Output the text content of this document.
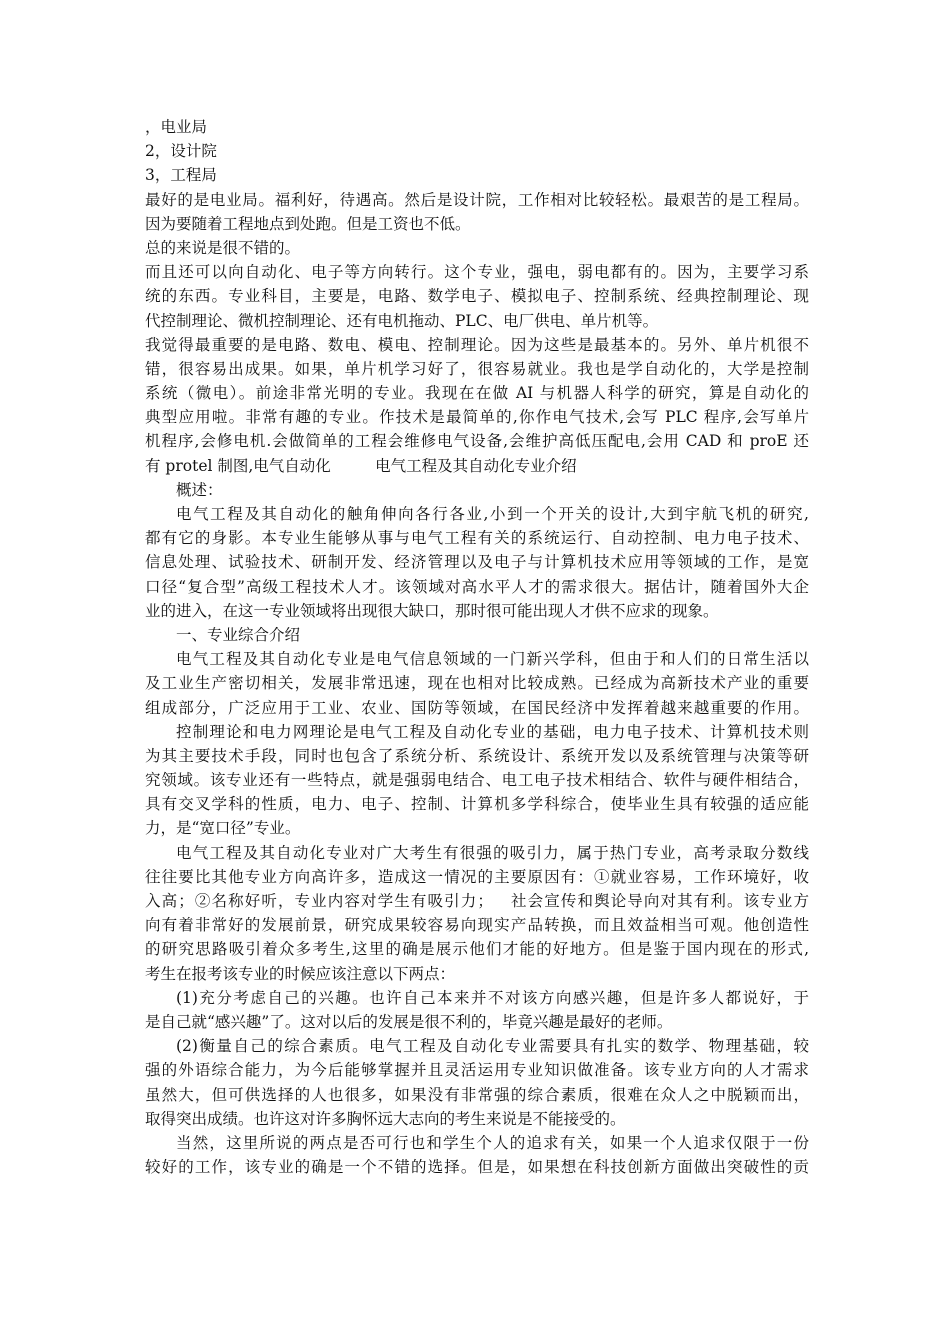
，电业局
2，设计院
3，工程局
最好的是电业局。福利好，待遇高。然后是设计院，工作相对比较轻松。最艰苦的是工程局。
因为要随着工程地点到处跑。但是工资也不低。
总的来说是很不错的。
而且还可以向自动化、电子等方向转行。这个专业，强电，弱电都有的。因为，主要学习系
统的东西。专业科目，主要是，电路、数学电子、模拟电子、控制系统、经典控制理论、现
代控制理论、微机控制理论、还有电机拖动、PLC、电厂供电、单片机等。
我觉得最重要的是电路、数电、模电、控制理论。因为这些是最基本的。另外、单片机很不
错，很容易出成果。如果，单片机学习好了，很容易就业。我也是学自动化的，大学是控制
系统（微电）。前途非常光明的专业。我现在在做 AI 与机器人科学的研究，算是自动化的
典型应用啦。非常有趣的专业。作技术是最简单的,你作电气技术,会写 PLC 程序,会写单片
机程序,会修电机.会做简单的工程会维修电气设备,会维护高低压配电,会用 CAD 和 proE 还
有 protel 制图,电气自动化         电气工程及其自动化专业介绍
概述：
电气工程及其自动化的触角伸向各行各业,小到一个开关的设计,大到宇航飞机的研究,
都有它的身影。本专业生能够从事与电气工程有关的系统运行、自动控制、电力电子技术、
信息处理、试验技术、研制开发、经济管理以及电子与计算机技术应用等领域的工作，是宽
口径“复合型”高级工程技术人才。该领域对高水平人才的需求很大。据估计，随着国外大企
业的进入，在这一专业领域将出现很大缺口，那时很可能出现人才供不应求的现象。
一、专业综合介绍
电气工程及其自动化专业是电气信息领域的一门新兴学科，但由于和人们的日常生活以
及工业生产密切相关，发展非常迅速，现在也相对比较成熟。已经成为高新技术产业的重要
组成部分，广泛应用于工业、农业、国防等领域，在国民经济中发挥着越来越重要的作用。
控制理论和电力网理论是电气工程及自动化专业的基础，电力电子技术、计算机技术则
为其主要技术手段，同时也包含了系统分析、系统设计、系统开发以及系统管理与决策等研
究领域。该专业还有一些特点，就是强弱电结合、电工电子技术相结合、软件与硬件相结合，
具有交叉学科的性质，电力、电子、控制、计算机多学科综合，使毕业生具有较强的适应能
力，是“宽口径”专业。
电气工程及其自动化专业对广大考生有很强的吸引力，属于热门专业，高考录取分数线
往往要比其他专业方向高许多，造成这一情况的主要原因有：①就业容易，工作环境好，收
入高；②名称好听，专业内容对学生有吸引力；   社会宣传和舆论导向对其有利。该专业方
向有着非常好的发展前景，研究成果较容易向现实产品转换，而且效益相当可观。他创造性
的研究思路吸引着众多考生,这里的确是展示他们才能的好地方。但是鉴于国内现在的形式,
考生在报考该专业的时候应该注意以下两点：
(1)充分考虑自己的兴趣。也许自己本来并不对该方向感兴趣，但是许多人都说好，于
是自己就“感兴趣”了。这对以后的发展是很不利的，毕竟兴趣是最好的老师。
(2)衡量自己的综合素质。电气工程及自动化专业需要具有扎实的数学、物理基础，较
强的外语综合能力，为今后能够掌握并且灵活运用专业知识做准备。该专业方向的人才需求
虽然大，但可供选择的人也很多，如果没有非常强的综合素质，很难在众人之中脱颖而出，
取得突出成绩。也许这对许多胸怀远大志向的考生来说是不能接受的。
当然，这里所说的两点是否可行也和学生个人的追求有关，如果一个人追求仅限于一份
较好的工作，该专业的确是一个不错的选择。但是，如果想在科技创新方面做出突破性的贡
